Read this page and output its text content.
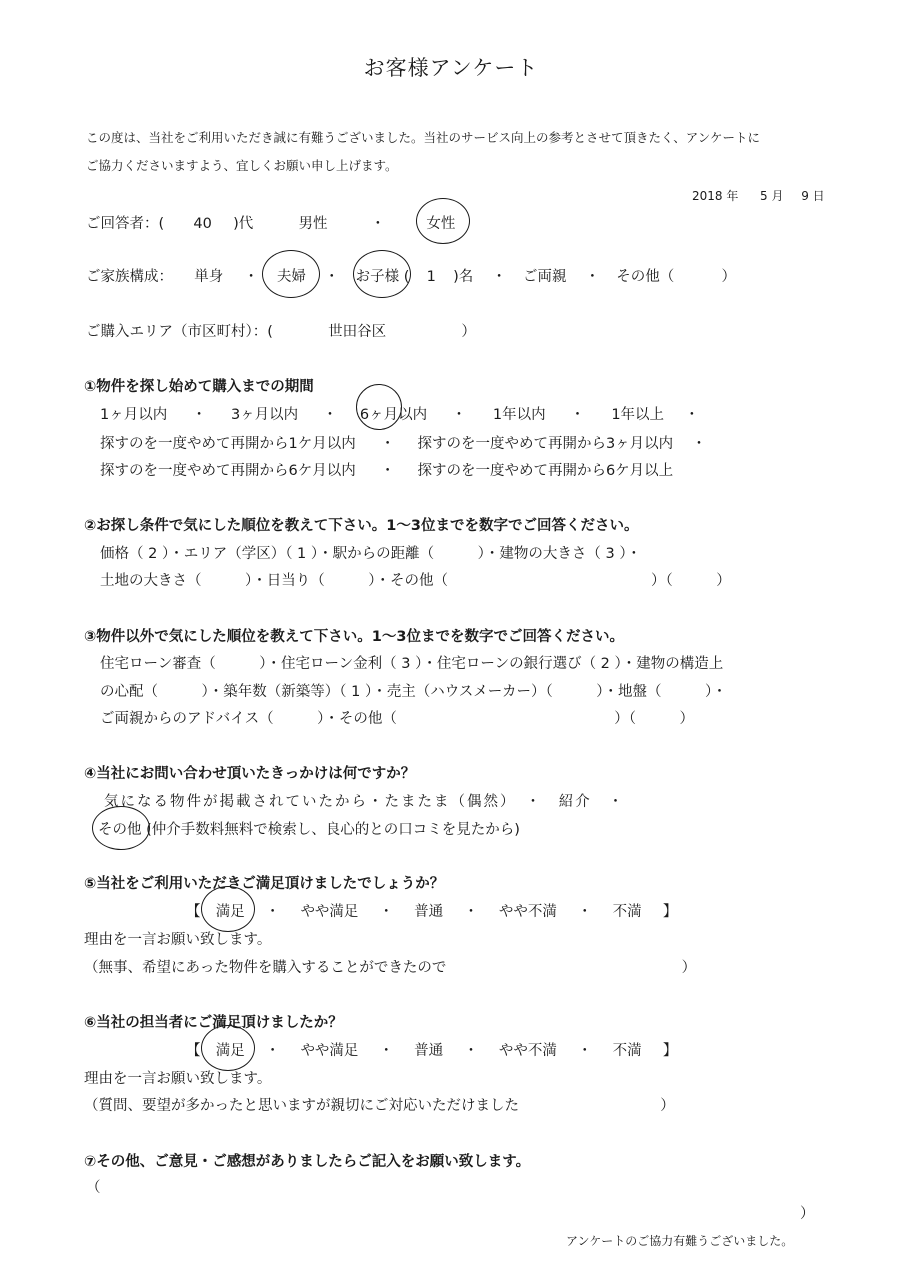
お客様アンケート
この度は、当社をご利用いただき誠に有難うございました。当社のサービス向上の参考とさせて頂きたく、アンケートに
ご協力くださいますよう、宜しくお願い申し上げます。
2018 年 5 月 9 日
ご回答者：( 40 )代	男性	・	女性
ご家族構成： 単身 ・ 夫婦 ・ お子様 ( 1 )名 ・ ご両親 ・ その他（	）
ご購入エリア（市区町村）：(	世田谷区	）
①物件を探し始めて購入までの期間
1ヶ月以内 ・ 3ヶ月以内 ・ 6ヶ月以内 ・ 1年以内 ・ 1年以上 ・
探すのを一度やめて再開から1ケ月以内 ・ 探すのを一度やめて再開から3ヶ月以内 ・
探すのを一度やめて再開から6ケ月以内 ・ 探すのを一度やめて再開から6ケ月以上
②お探し条件で気にした順位を教えて下さい。1～3位までを数字でご回答ください。
価格（ 2 ）・エリア（学区）（ 1 ）・駅からの距離（　　　）・建物の大きさ（ 3 ）・
土地の大きさ（　　　）・日当り（　　　）・その他（　　　　　　　　　　　　　　）（　　　）
③物件以外で気にした順位を教えて下さい。1～3位までを数字でご回答ください。
住宅ローン審査（　　　）・住宅ローン金利（ 3 ）・住宅ローンの銀行選び（ 2 ）・建物の構造上
の心配（　　　）・築年数（新築等）（ 1 ）・売主（ハウスメーカー）（　　　）・地盤（　　　）・
ご両親からのアドバイス（　　　）・その他（　　　　　　　　　　　　　　　）（　　　）
④当社にお問い合わせ頂いたきっかけは何ですか？
気になる物件が掲載されていたから・たまたま（偶然）　・　紹介　・
その他 (仲介手数料無料で検索し、良心的との口コミを見たから)
⑤当社をご利用いただきご満足頂けましたでしょうか？
【 満足 ・ やや満足 ・ 普通 ・ やや不満 ・ 不満 】
理由を一言お願い致します。
（無事、希望にあった物件を購入することができたので	）
⑥当社の担当者にご満足頂けましたか？
【 満足 ・ やや満足 ・ 普通 ・ やや不満 ・ 不満 】
理由を一言お願い致します。
（質問、要望が多かったと思いますが親切にご対応いただけました	）
⑦その他、ご意見・ご感想がありましたらご記入をお願い致します。
（
）
アンケートのご協力有難うございました。
